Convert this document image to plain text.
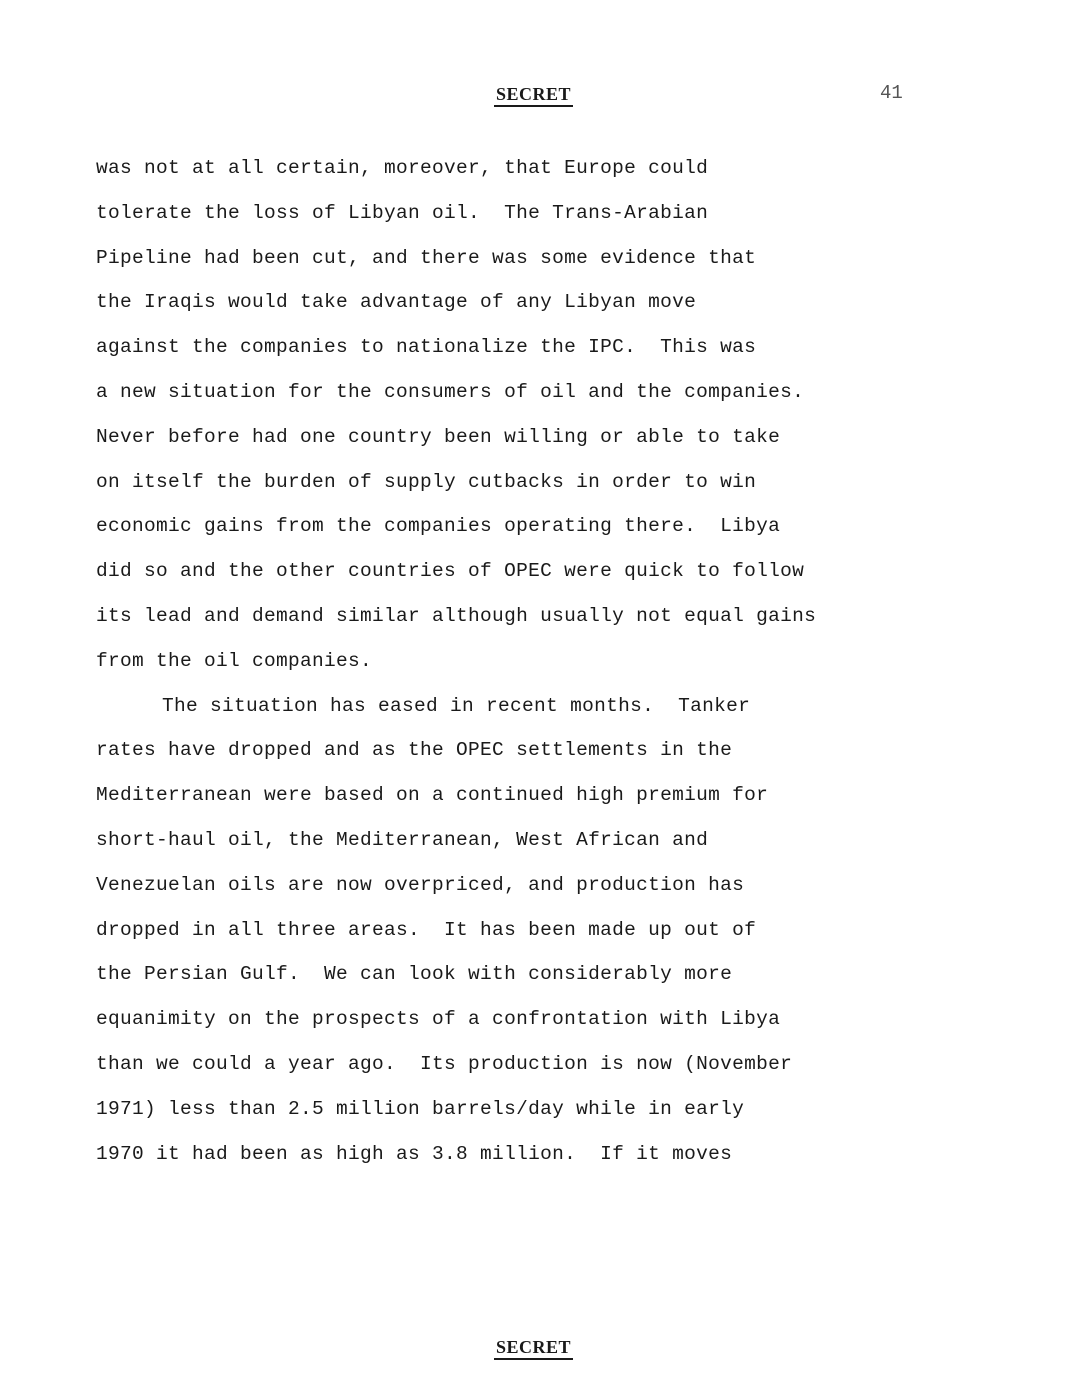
SECRET	41
was not at all certain, moreover, that Europe could
tolerate the loss of Libyan oil.  The Trans-Arabian
Pipeline had been cut, and there was some evidence that
the Iraqis would take advantage of any Libyan move
against the companies to nationalize the IPC.  This was
a new situation for the consumers of oil and the companies.
Never before had one country been willing or able to take
on itself the burden of supply cutbacks in order to win
economic gains from the companies operating there.  Libya
did so and the other countries of OPEC were quick to follow
its lead and demand similar although usually not equal gains
from the oil companies.
The situation has eased in recent months.  Tanker
rates have dropped and as the OPEC settlements in the
Mediterranean were based on a continued high premium for
short-haul oil, the Mediterranean, West African and
Venezuelan oils are now overpriced, and production has
dropped in all three areas.  It has been made up out of
the Persian Gulf.  We can look with considerably more
equanimity on the prospects of a confrontation with Libya
than we could a year ago.  Its production is now (November
1971) less than 2.5 million barrels/day while in early
1970 it had been as high as 3.8 million.  If it moves
SECRET
